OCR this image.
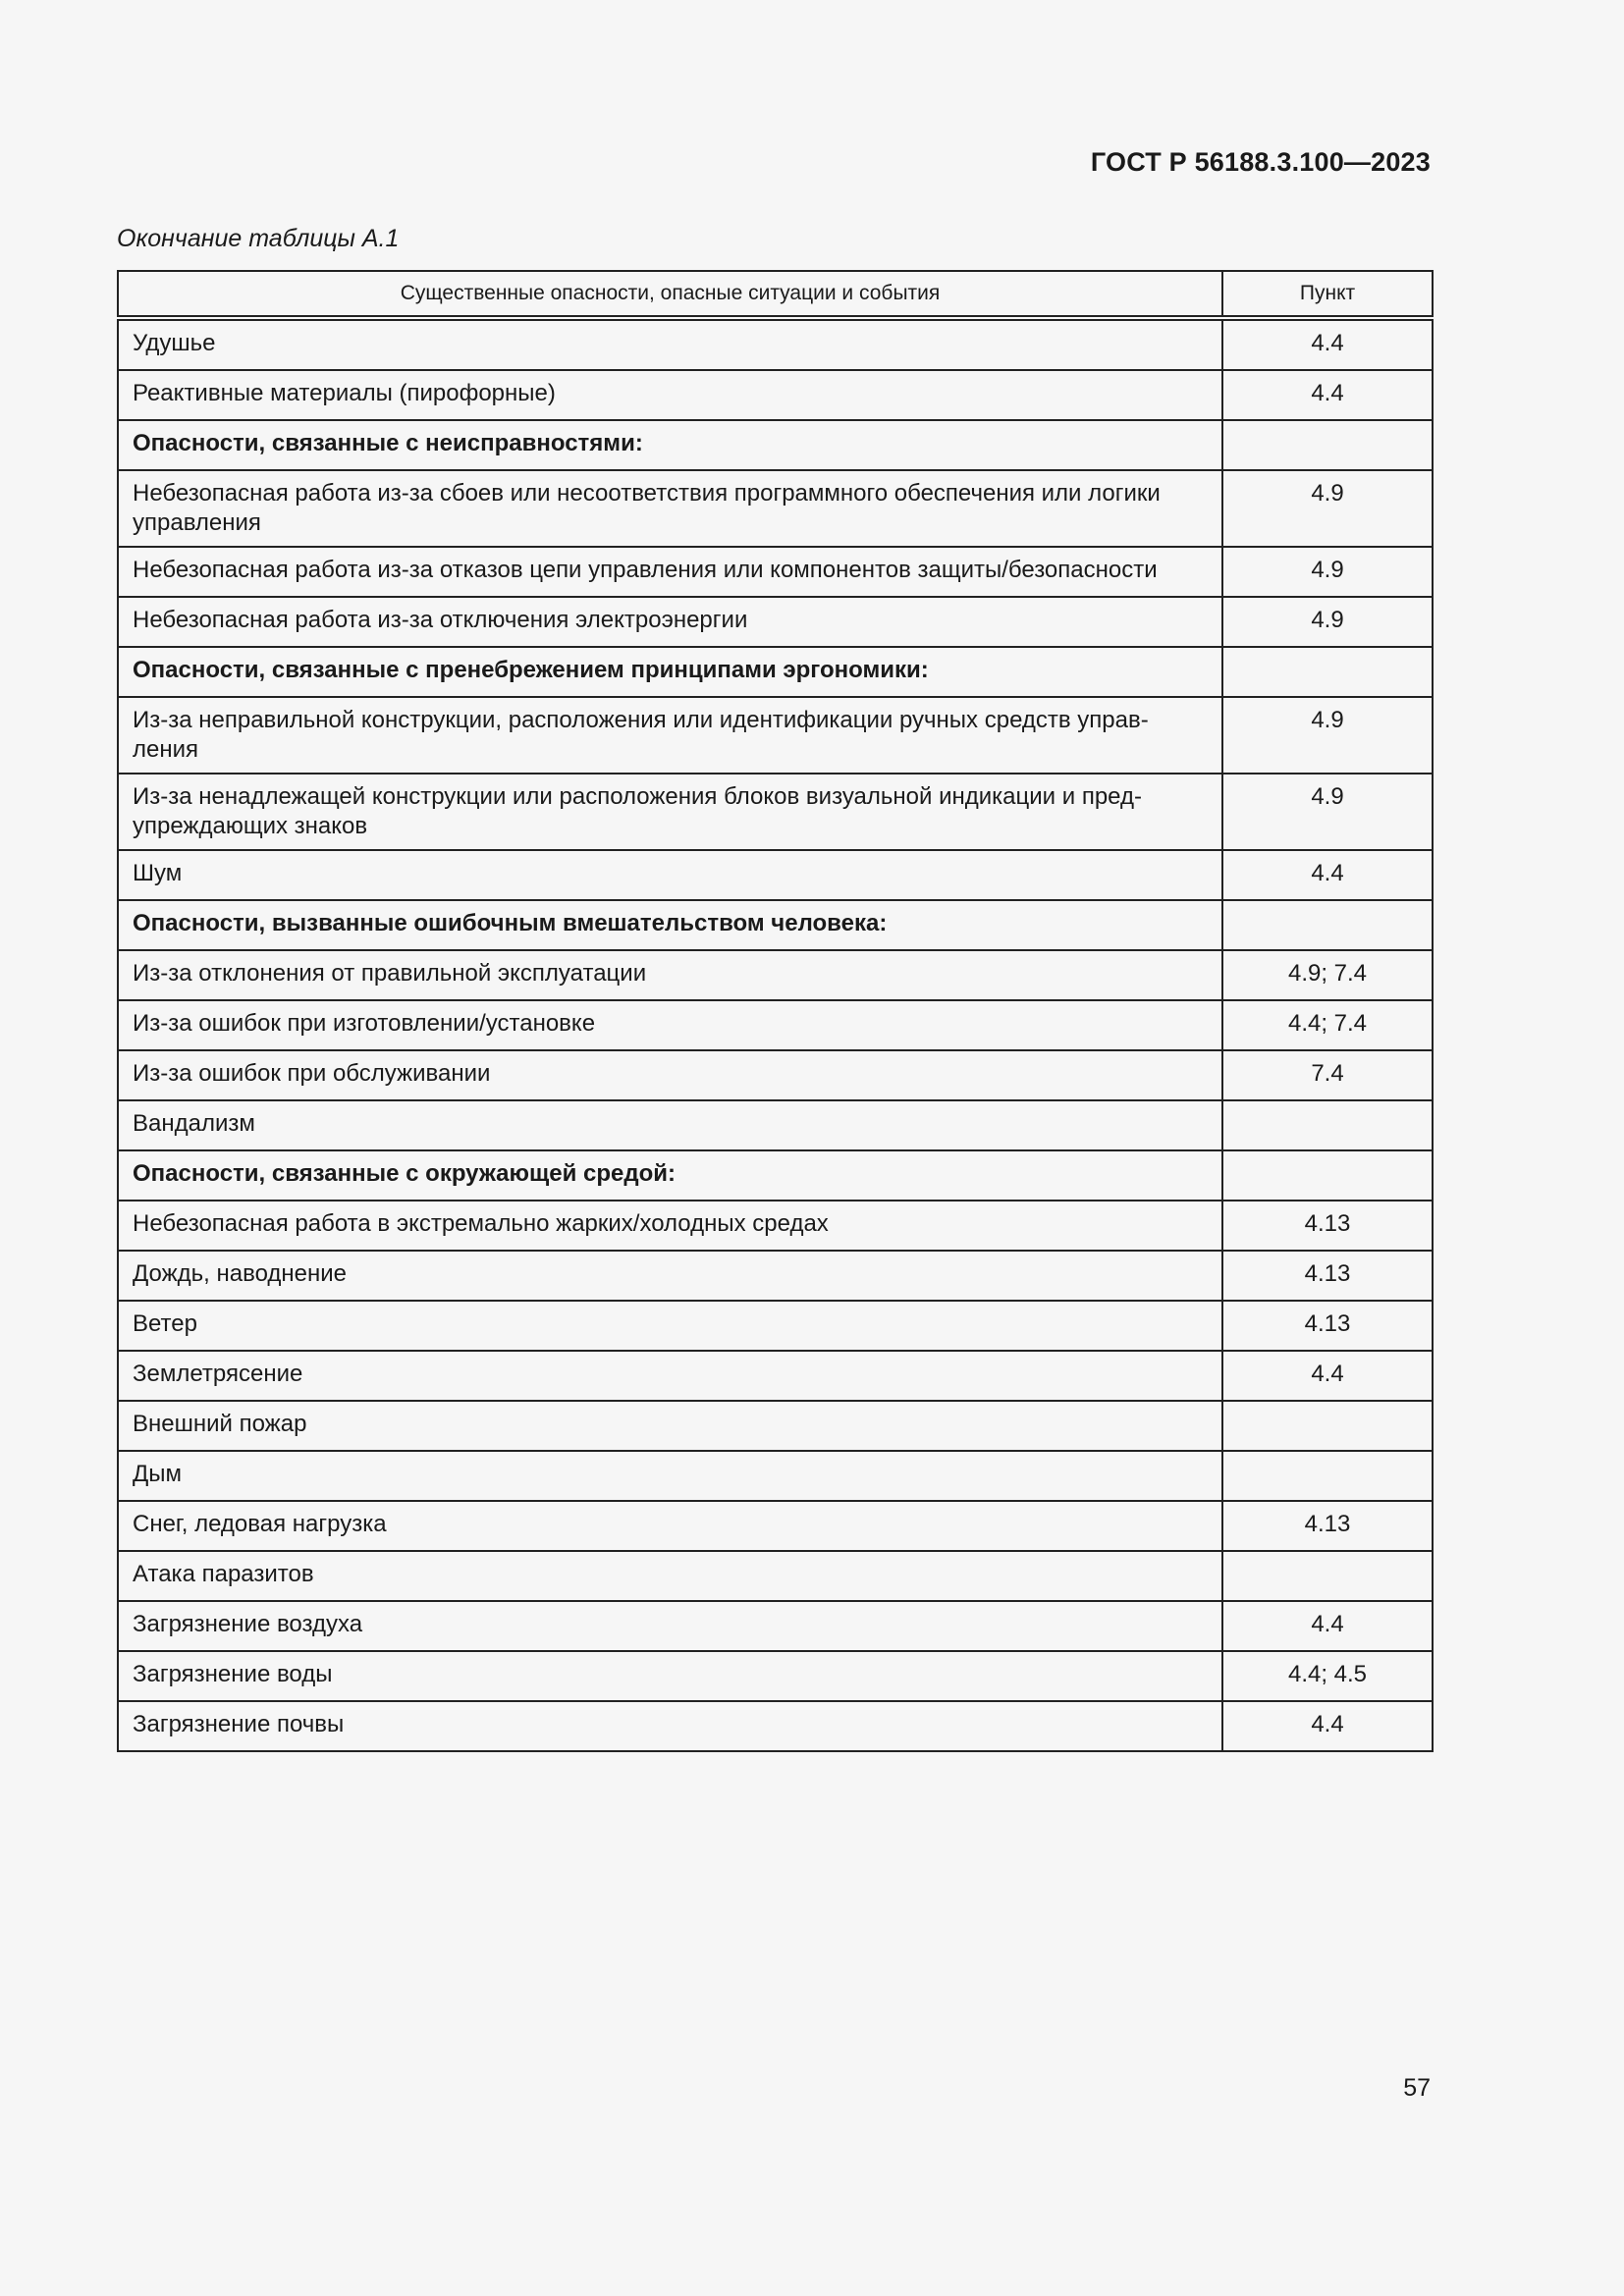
ГОСТ Р 56188.3.100—2023
Окончание таблицы А.1
Существенные опасности, опасные ситуации и события	Пункт
Удушье	4.4
Реактивные материалы (пирофорные)	4.4
Опасности, связанные с неисправностями:	
Небезопасная работа из-за сбоев или несоответствия программного обеспечения или логики управления	4.9
Небезопасная работа из-за отказов цепи управления или компонентов защиты/безопасности	4.9
Небезопасная работа из-за отключения электроэнергии	4.9
Опасности, связанные с пренебрежением принципами эргономики:	
Из-за неправильной конструкции, расположения или идентификации ручных средств управ-ления	4.9
Из-за ненадлежащей конструкции или расположения блоков визуальной индикации и пред-упреждающих знаков	4.9
Шум	4.4
Опасности, вызванные ошибочным вмешательством человека:	
Из-за отклонения от правильной эксплуатации	4.9; 7.4
Из-за ошибок при изготовлении/установке	4.4; 7.4
Из-за ошибок при обслуживании	7.4
Вандализм	
Опасности, связанные с окружающей средой:	
Небезопасная работа в экстремально жарких/холодных средах	4.13
Дождь, наводнение	4.13
Ветер	4.13
Землетрясение	4.4
Внешний пожар	
Дым	
Снег, ледовая нагрузка	4.13
Атака паразитов	
Загрязнение воздуха	4.4
Загрязнение воды	4.4; 4.5
Загрязнение почвы	4.4
57
